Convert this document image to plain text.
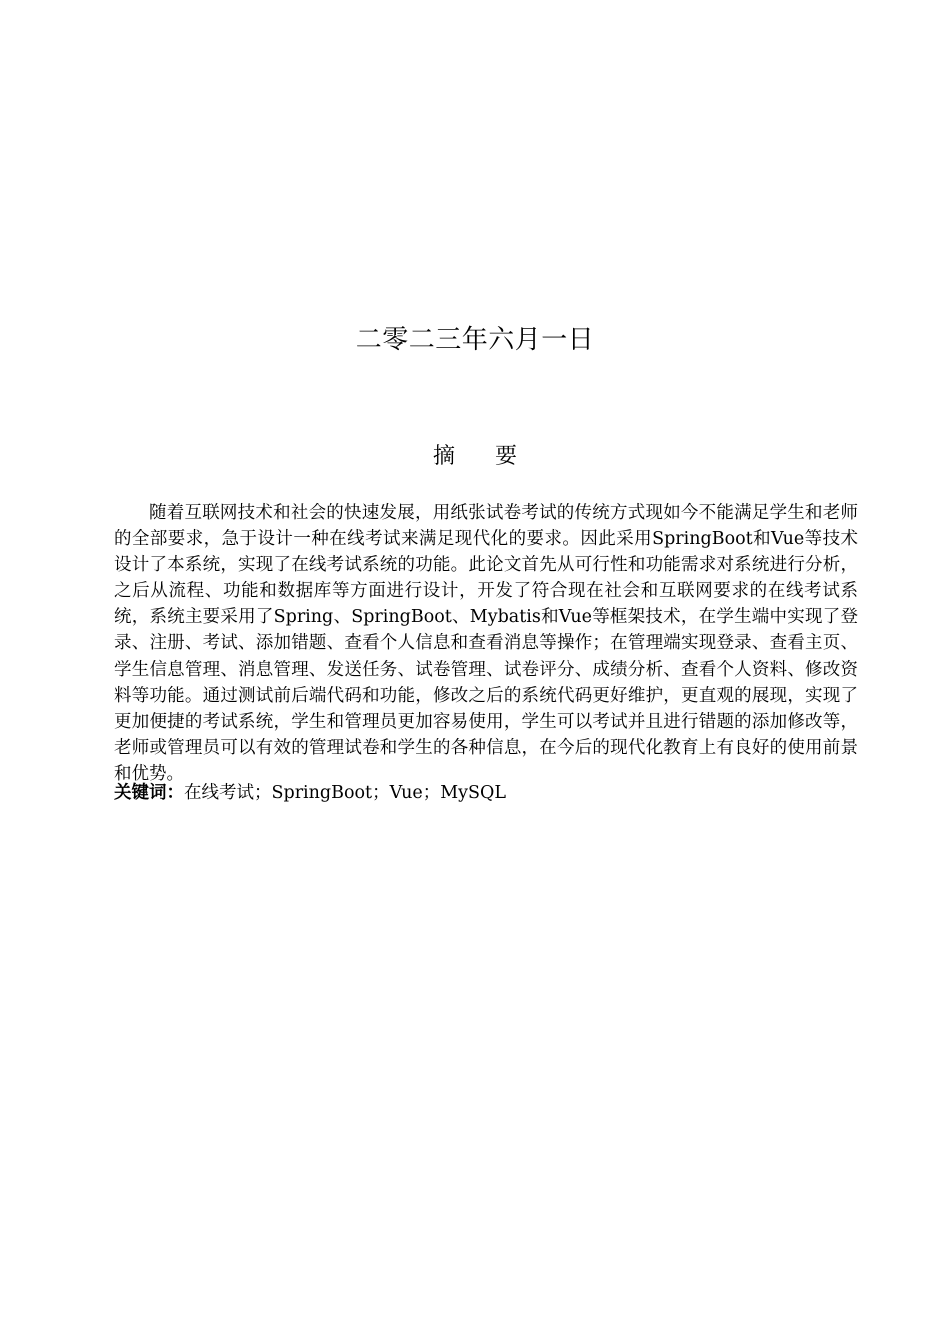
二零二三年六月一日
摘要

随着互联网技术和社会的快速发展，用纸张试卷考试的传统方式现如今不能满足学生和老师的全部要求，急于设计一种在线考试来满足现代化的要求。因此采用SpringBoot和Vue等技术设计了本系统，实现了在线考试系统的功能。此论文首先从可行性和功能需求对系统进行分析，之后从流程、功能和数据库等方面进行设计，开发了符合现在社会和互联网要求的在线考试系统，系统主要采用了Spring、SpringBoot、Mybatis和Vue等框架技术，在学生端中实现了登录、注册、考试、添加错题、查看个人信息和查看消息等操作；在管理端实现登录、查看主页、学生信息管理、消息管理、发送任务、试卷管理、试卷评分、成绩分析、查看个人资料、修改资料等功能。通过测试前后端代码和功能，修改之后的系统代码更好维护，更直观的展现，实现了更加便捷的考试系统，学生和管理员更加容易使用，学生可以考试并且进行错题的添加修改等，老师或管理员可以有效的管理试卷和学生的各种信息，在今后的现代化教育上有良好的使用前景和优势。

关键词：在线考试；SpringBoot；Vue；MySQL
